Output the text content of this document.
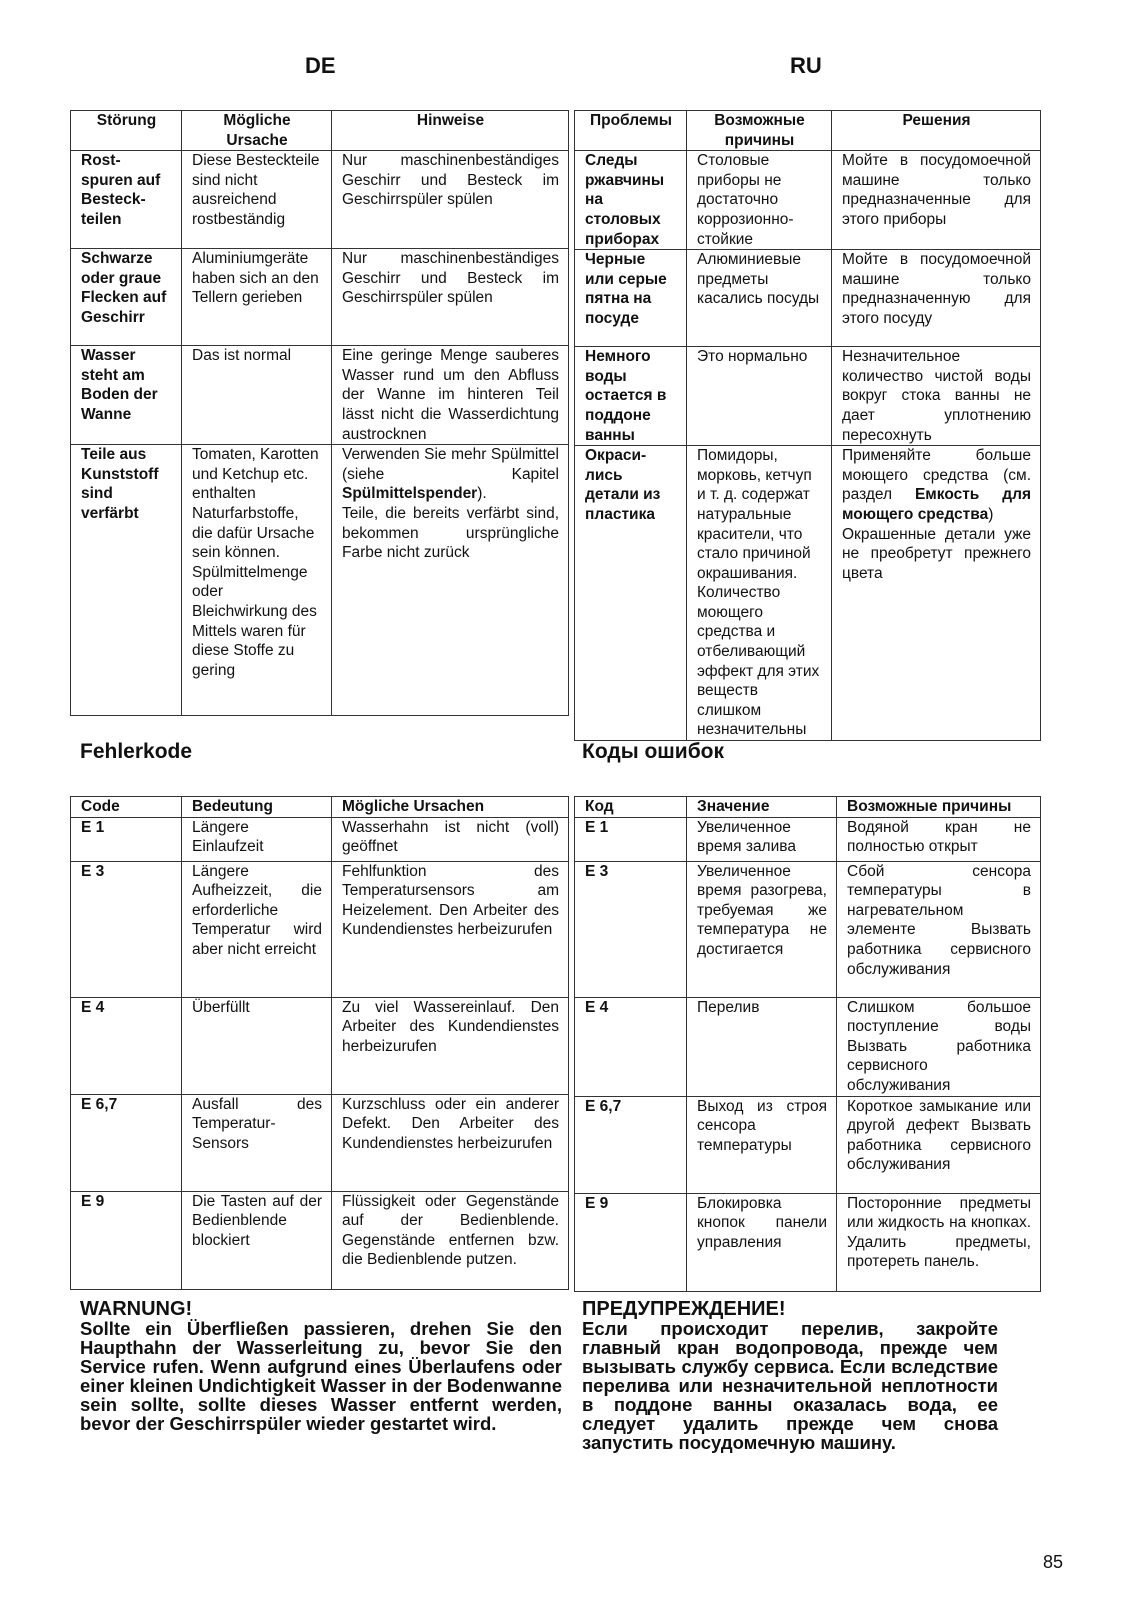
DE	RU
Störung	Mögliche Ursache	Hinweise
Rost-spuren auf Besteck-teilen	Diese Besteckteile sind nicht ausreichend rostbeständig	Nur maschinenbeständiges Geschirr und Besteck im Geschirrspüler spülen
Schwarze oder graue Flecken auf Geschirr	Aluminiumgeräte haben sich an den Tellern gerieben	Nur maschinenbeständiges Geschirr und Besteck im Geschirrspüler spülen
Wasser steht am Boden der Wanne	Das ist normal	Eine geringe Menge sauberes Wasser rund um den Abfluss der Wanne im hinteren Teil lässt nicht die Wasserdichtung austrocknen
Teile aus Kunststoff sind verfärbt	Tomaten, Karotten und Ketchup etc. enthalten Naturfarbstoffe, die dafür Ursache sein können. Spülmittelmenge oder Bleichwirkung des Mittels waren für diese Stoffe zu gering	Verwenden Sie mehr Spülmittel (siehe Kapitel Spülmittelspender).
Teile, die bereits verfärbt sind, bekommen ursprüngliche Farbe nicht zurück
Проблемы	Возможные причины	Решения
Следы ржавчины на столовых приборах	Столовые приборы не достаточно коррозионно-стойкие	Мойте в посудомоечной машине только предназначенные для этого приборы
Черные или серые пятна на посуде	Алюминиевые предметы касались посуды	Мойте в посудомоечной машине только предназначенную для этого посуду
Немного воды остается в поддоне ванны	Это нормально	Незначительное количество чистой воды вокруг стока ванны не дает уплотнению пересохнуть
Окраси-лись детали из пластика	Помидоры, морковь, кетчуп и т. д. содержат натуральные красители, что стало причиной окрашивания. Количество моющего средства и отбеливающий эффект для этих веществ слишком незначительны	Применяйте больше моющего средства (см. раздел Емкость для моющего средства)
Окрашенные детали уже не преобретут прежнего цвета
Fehlerkode	Коды ошибок
Code	Bedeutung	Mögliche Ursachen
E 1	Längere Einlaufzeit	Wasserhahn ist nicht (voll) geöffnet
E 3	Längere Aufheizzeit, die erforderliche Temperatur wird aber nicht erreicht	Fehlfunktion des Temperatursensors am Heizelement. Den Arbeiter des Kundendienstes herbeizurufen
E 4	Überfüllt	Zu viel Wassereinlauf. Den Arbeiter des Kundendienstes herbeizurufen
E 6,7	Ausfall des Temperatur-Sensors	Kurzschluss oder ein anderer Defekt. Den Arbeiter des Kundendienstes herbeizurufen
E 9	Die Tasten auf der Bedienblende blockiert	Flüssigkeit oder Gegenstände auf der Bedienblende. Gegenstände entfernen bzw. die Bedienblende putzen.
Код	Значение	Возможные причины
E 1	Увеличенное время залива	Водяной кран не полностью открыт
E 3	Увеличенное время разогрева, требуемая же температура не достигается	Сбой сенсора температуры в нагревательном элементе Вызвать работника сервисного обслуживания
E 4	Перелив	Слишком большое поступление воды Вызвать работника сервисного обслуживания
E 6,7	Выход из строя сенсора температуры	Короткое замыкание или другой дефект Вызвать работника сервисного обслуживания
E 9	Блокировка кнопок панели управления	Посторонние предметы или жидкость на кнопках. Удалить предметы, протереть панель.
WARNUNG!
Sollte ein Überfließen passieren, drehen Sie den Haupthahn der Wasserleitung zu, bevor Sie den Service rufen. Wenn aufgrund eines Überlaufens oder einer kleinen Undichtigkeit Wasser in der Bodenwanne sein sollte, sollte dieses Wasser entfernt werden, bevor der Geschirrspüler wieder gestartet wird.
ПРЕДУПРЕЖДЕНИЕ!
Если происходит перелив, закройте главный кран водопровода, прежде чем вызывать службу сервиса. Если вследствие перелива или незначительной неплотности в поддоне ванны оказалась вода, ее следует удалить прежде чем снова запустить посудомечную машину.
85
